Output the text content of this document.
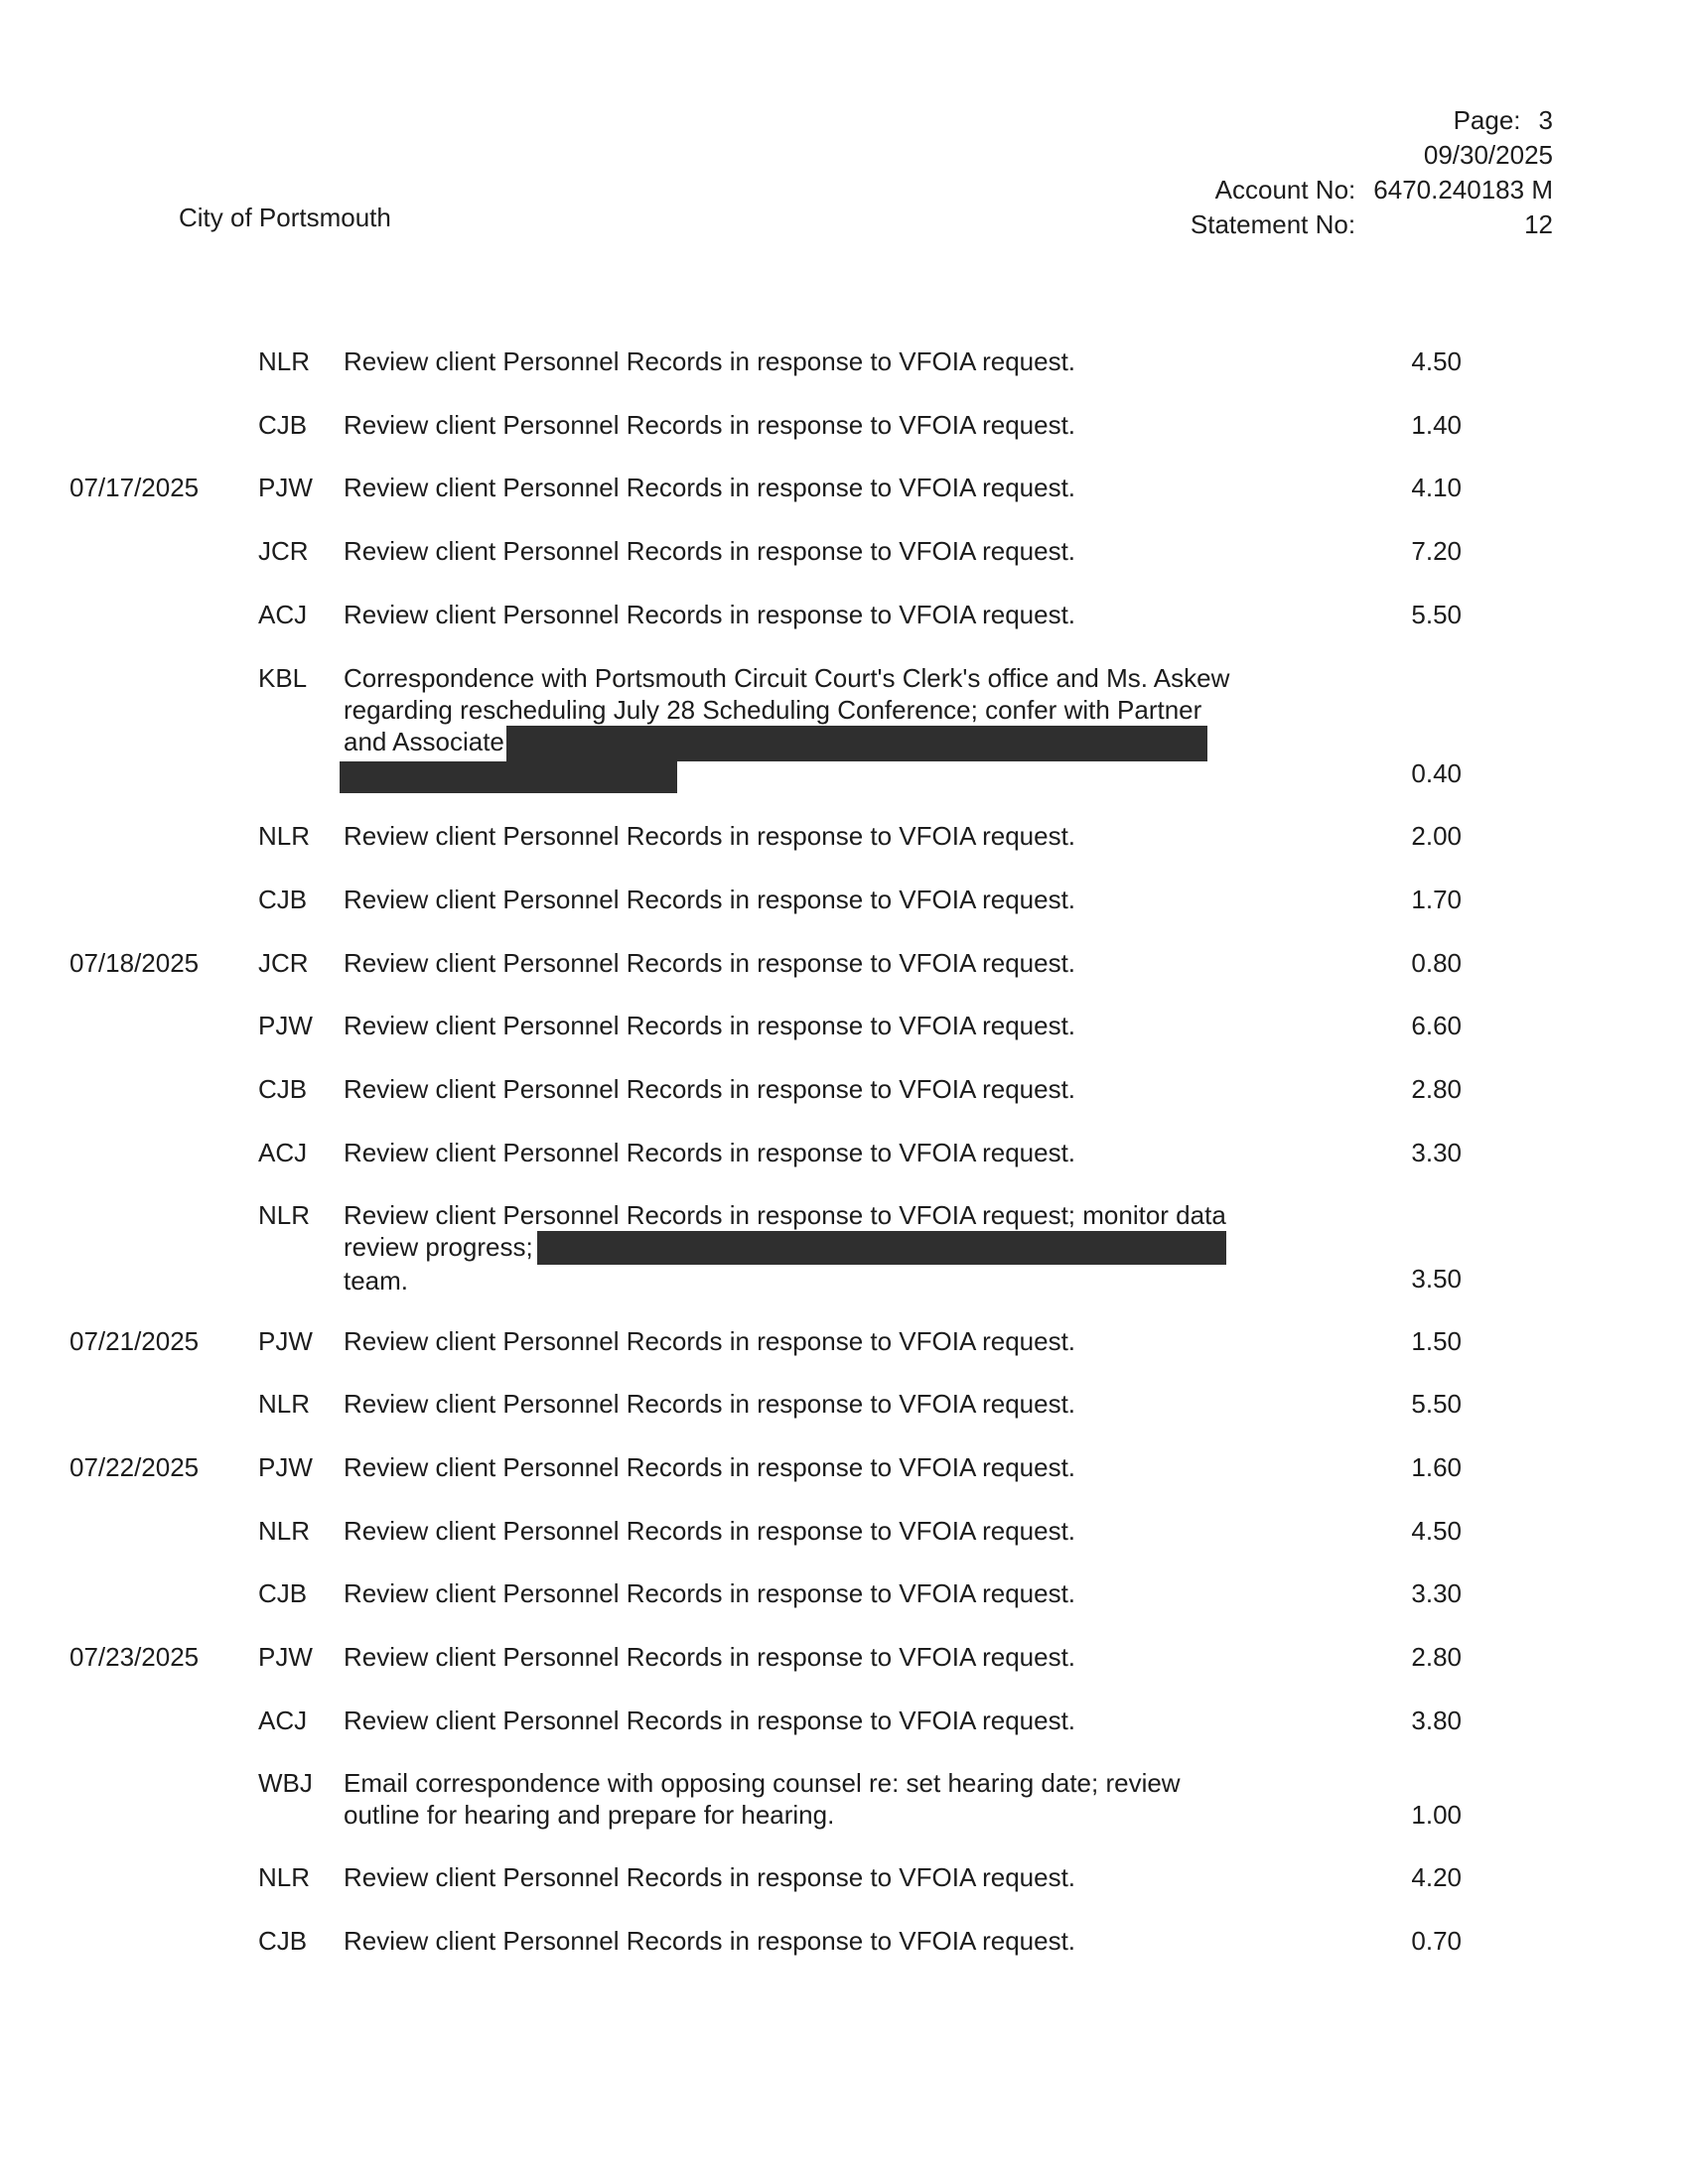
City of Portsmouth
Page: 3
09/30/2025
Account No: 6470.240183 M
Statement No:	12
NLR Review client Personnel Records in response to VFOIA request.	4.50
CJB Review client Personnel Records in response to VFOIA request.	1.40
07/17/2025 PJW Review client Personnel Records in response to VFOIA request.	4.10
JCR Review client Personnel Records in response to VFOIA request.	7.20
ACJ Review client Personnel Records in response to VFOIA request.	5.50
KBL Correspondence with Portsmouth Circuit Court's Clerk's office and Ms. Askew
regarding rescheduling July 28 Scheduling Conference; confer with Partner
and Associate
0.40
NLR Review client Personnel Records in response to VFOIA request.	2.00
CJB Review client Personnel Records in response to VFOIA request.	1.70
07/18/2025 JCR Review client Personnel Records in response to VFOIA request.	0.80
PJW Review client Personnel Records in response to VFOIA request.	6.60
CJB Review client Personnel Records in response to VFOIA request.	2.80
ACJ Review client Personnel Records in response to VFOIA request.	3.30
NLR Review client Personnel Records in response to VFOIA request; monitor data
review progress;
team.	3.50
07/21/2025 PJW Review client Personnel Records in response to VFOIA request.	1.50
NLR Review client Personnel Records in response to VFOIA request.	5.50
07/22/2025 PJW Review client Personnel Records in response to VFOIA request.	1.60
NLR Review client Personnel Records in response to VFOIA request.	4.50
CJB Review client Personnel Records in response to VFOIA request.	3.30
07/23/2025 PJW Review client Personnel Records in response to VFOIA request.	2.80
ACJ Review client Personnel Records in response to VFOIA request.	3.80
WBJ Email correspondence with opposing counsel re: set hearing date; review
outline for hearing and prepare for hearing.	1.00
NLR Review client Personnel Records in response to VFOIA request.	4.20
CJB Review client Personnel Records in response to VFOIA request.	0.70
